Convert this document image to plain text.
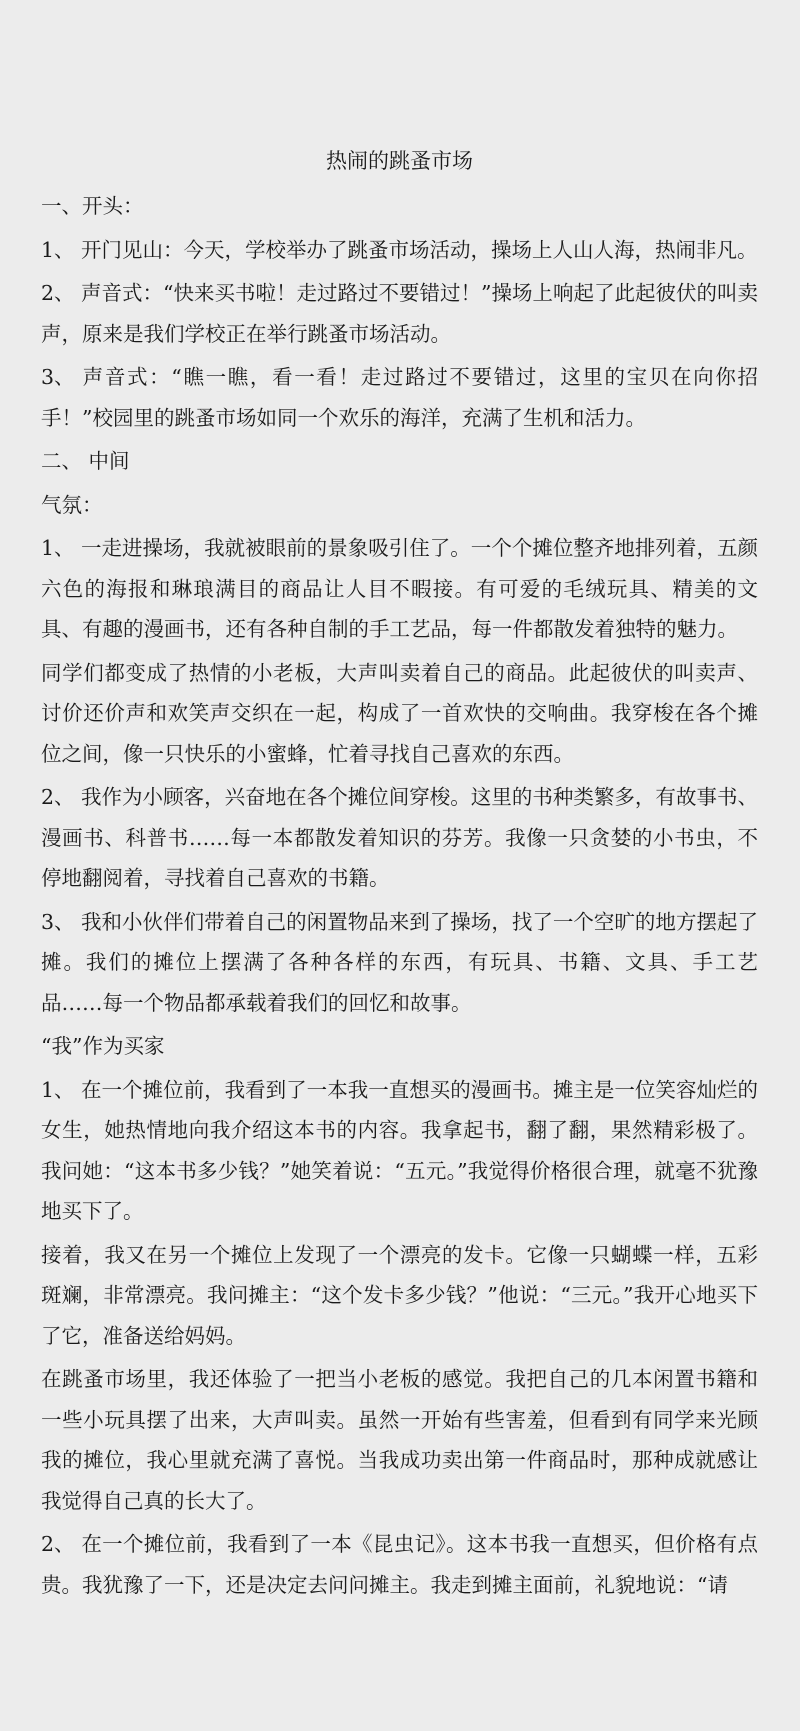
热闹的跳蚤市场
一、开头：
1、 开门见山：今天，学校举办了跳蚤市场活动，操场上人山人海，热闹非凡。
2、 声音式：“快来买书啦！走过路过不要错过！”操场上响起了此起彼伏的叫卖声，原来是我们学校正在举行跳蚤市场活动。
3、 声音式：“瞧一瞧，看一看！走过路过不要错过，这里的宝贝在向你招手！”校园里的跳蚤市场如同一个欢乐的海洋，充满了生机和活力。
二、 中间
气氛：
1、 一走进操场，我就被眼前的景象吸引住了。一个个摊位整齐地排列着，五颜六色的海报和琳琅满目的商品让人目不暇接。有可爱的毛绒玩具、精美的文具、有趣的漫画书，还有各种自制的手工艺品，每一件都散发着独特的魅力。
同学们都变成了热情的小老板，大声叫卖着自己的商品。此起彼伏的叫卖声、讨价还价声和欢笑声交织在一起，构成了一首欢快的交响曲。我穿梭在各个摊位之间，像一只快乐的小蜜蜂，忙着寻找自己喜欢的东西。
2、 我作为小顾客，兴奋地在各个摊位间穿梭。这里的书种类繁多，有故事书、漫画书、科普书……每一本都散发着知识的芬芳。我像一只贪婪的小书虫，不停地翻阅着，寻找着自己喜欢的书籍。
3、 我和小伙伴们带着自己的闲置物品来到了操场，找了一个空旷的地方摆起了摊。我们的摊位上摆满了各种各样的东西，有玩具、书籍、文具、手工艺品……每一个物品都承载着我们的回忆和故事。
“我”作为买家
1、 在一个摊位前，我看到了一本我一直想买的漫画书。摊主是一位笑容灿烂的女生，她热情地向我介绍这本书的内容。我拿起书，翻了翻，果然精彩极了。我问她：“这本书多少钱？”她笑着说：“五元。”我觉得价格很合理，就毫不犹豫地买下了。
接着，我又在另一个摊位上发现了一个漂亮的发卡。它像一只蝴蝶一样，五彩斑斓，非常漂亮。我问摊主：“这个发卡多少钱？”他说：“三元。”我开心地买下了它，准备送给妈妈。
在跳蚤市场里，我还体验了一把当小老板的感觉。我把自己的几本闲置书籍和一些小玩具摆了出来，大声叫卖。虽然一开始有些害羞，但看到有同学来光顾我的摊位，我心里就充满了喜悦。当我成功卖出第一件商品时，那种成就感让我觉得自己真的长大了。
2、 在一个摊位前，我看到了一本《昆虫记》。这本书我一直想买，但价格有点贵。我犹豫了一下，还是决定去问问摊主。我走到摊主面前，礼貌地说：“请
